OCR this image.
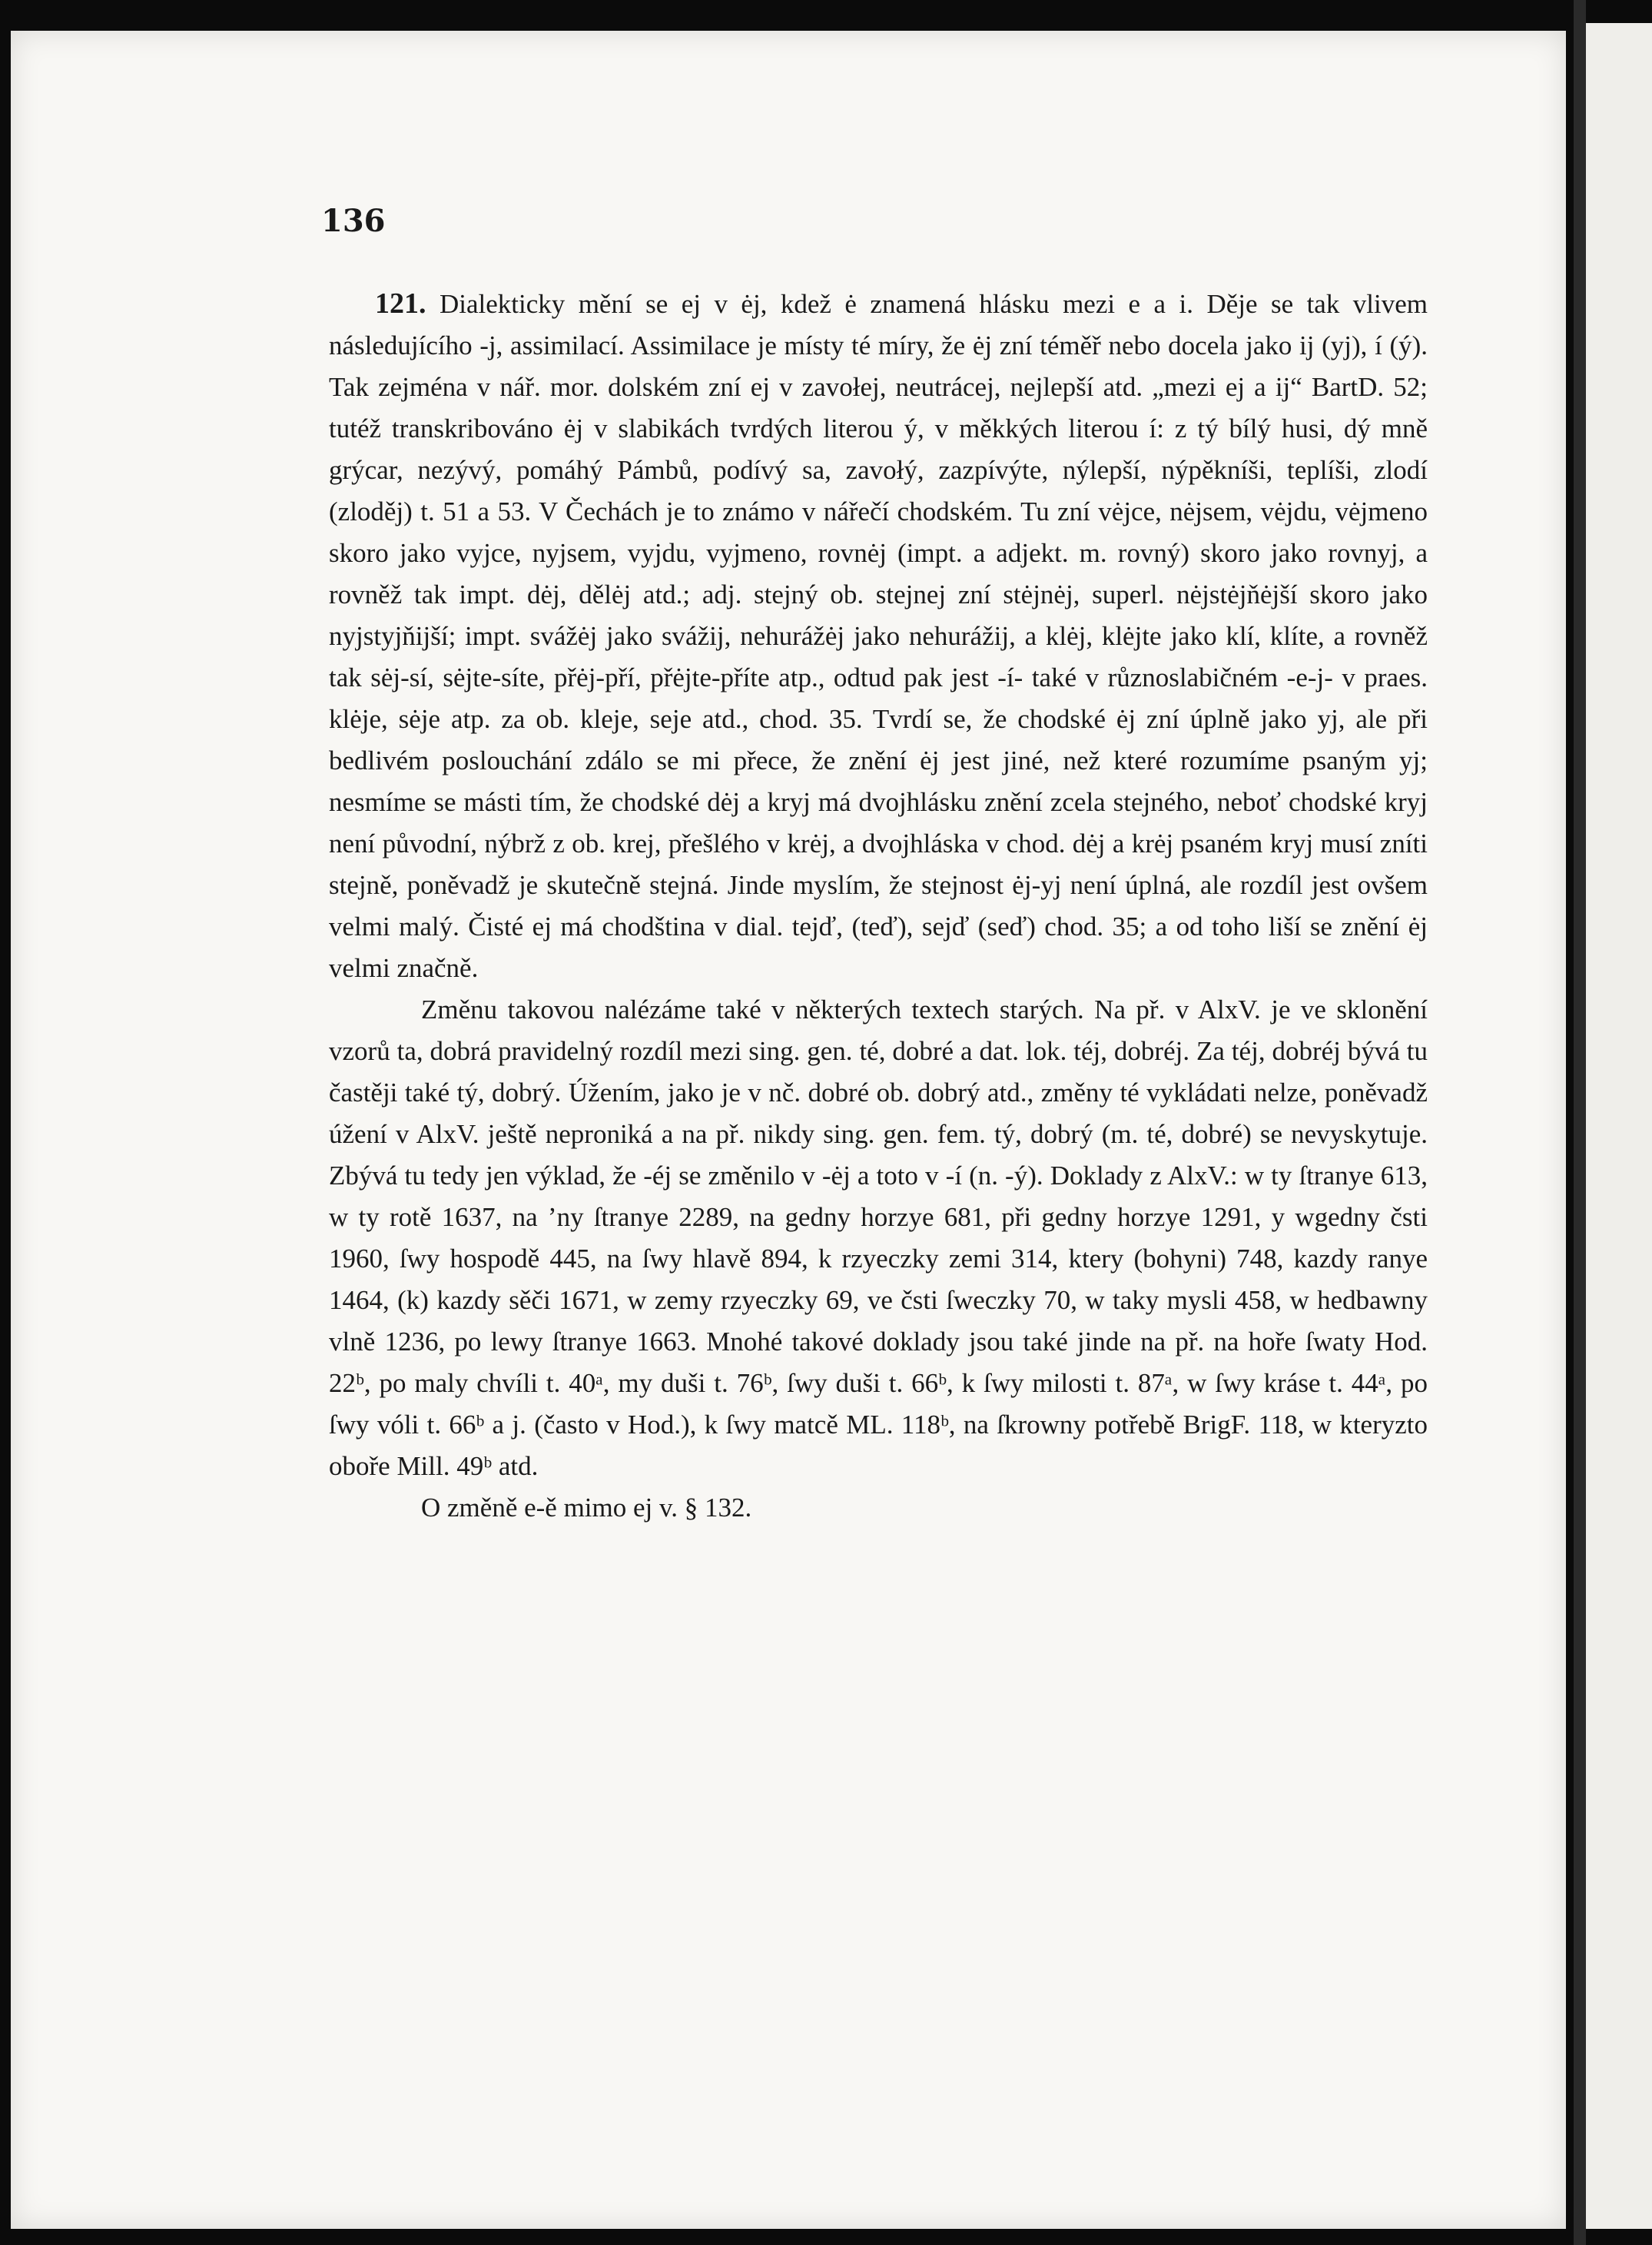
136

121. Dialekticky mění se ej v ėj, kdež ė znamená hlásku mezi e a i. Děje se tak vlivem následujícího -j, assimilací. Assimilace je místy té míry, že ėj zní téměř nebo docela jako ij (yj), í (ý). Tak zejména v nář. mor. dolském zní ej v zavołej, neutrácej, nejlepší atd. „mezi ej a ij“ BartD. 52; tutéž transkribováno ėj v slabikách tvrdých literou ý, v měkkých literou í: z tý bílý husi, dý mně grýcar, nezývý, pomáhý Pámbů, podívý sa, zavołý, zazpívýte, nýlepší, nýpěkníši, teplíši, zlodí (zloděj) t. 51 a 53. V Čechách je to známo v nářečí chodském. Tu zní vėjce, nėjsem, vėjdu, vėjmeno skoro jako vyjce, nyjsem, vyjdu, vyjmeno, rovnėj (impt. a adjekt. m. rovný) skoro jako rovnyj, a rovněž tak impt. dėj, dělėj atd.; adj. stejný ob. stejnej zní stėjnėj, superl. nėjstėjňėjší skoro jako nyjstyjňijší; impt. svážėj jako svážij, nehurážėj jako nehurážij, a klėj, klėjte jako klí, klíte, a rovněž tak sėj-sí, sėjte-síte, přėj-pří, přėjte-příte atp., odtud pak jest -í- také v různoslabičném -e-j- v praes. klėje, sėje atp. za ob. kleje, seje atd., chod. 35. Tvrdí se, že chodské ėj zní úplně jako yj, ale při bedlivém poslouchání zdálo se mi přece, že znění ėj jest jiné, než které rozumíme psaným yj; nesmíme se másti tím, že chodské dėj a kryj má dvojhlásku znění zcela stejného, neboť chodské kryj není původní, nýbrž z ob. krej, přešlého v krėj, a dvojhláska v chod. dėj a krėj psaném kryj musí zníti stejně, poněvadž je skutečně stejná. Jinde myslím, že stejnost ėj-yj není úplná, ale rozdíl jest ovšem velmi malý. Čisté ej má chodština v dial. tejď, (teď), sejď (seď) chod. 35; a od toho liší se znění ėj velmi značně.

Změnu takovou nalézáme také v některých textech starých. Na př. v AlxV. je ve sklonění vzorů ta, dobrá pravidelný rozdíl mezi sing. gen. té, dobré a dat. lok. téj, dobréj. Za téj, dobréj bývá tu častěji také tý, dobrý. Úžením, jako je v nč. dobré ob. dobrý atd., změny té vykládati nelze, poněvadž úžení v AlxV. ještě neproniká a na př. nikdy sing. gen. fem. tý, dobrý (m. té, dobré) se nevyskytuje. Zbývá tu tedy jen výklad, že -éj se změnilo v -ėj a toto v -í (n. -ý). Doklady z AlxV.: w ty ſtranye 613, w ty rotě 1637, na ’ny ſtranye 2289, na gedny horzye 681, při gedny horzye 1291, y wgedny čsti 1960, ſwy hospodě 445, na ſwy hlavě 894, k rzyeczky zemi 314, ktery (bohyni) 748, kazdy ranye 1464, (k) kazdy sěči 1671, w zemy rzyeczky 69, ve čsti ſweczky 70, w taky mysli 458, w hedbawny vlně 1236, po lewy ſtranye 1663. Mnohé takové doklady jsou také jinde na př. na hoře ſwaty Hod. 22ᵇ, po maly chvíli t. 40ᵃ, my duši t. 76ᵇ, ſwy duši t. 66ᵇ, k ſwy milosti t. 87ᵃ, w ſwy kráse t. 44ᵃ, po ſwy vóli t. 66ᵇ a j. (často v Hod.), k ſwy matcě ML. 118ᵇ, na ſkrowny potřebě BrigF. 118, w kteryzto obořе Mill. 49ᵇ atd.

O změně e-ě mimo ej v. § 132.
